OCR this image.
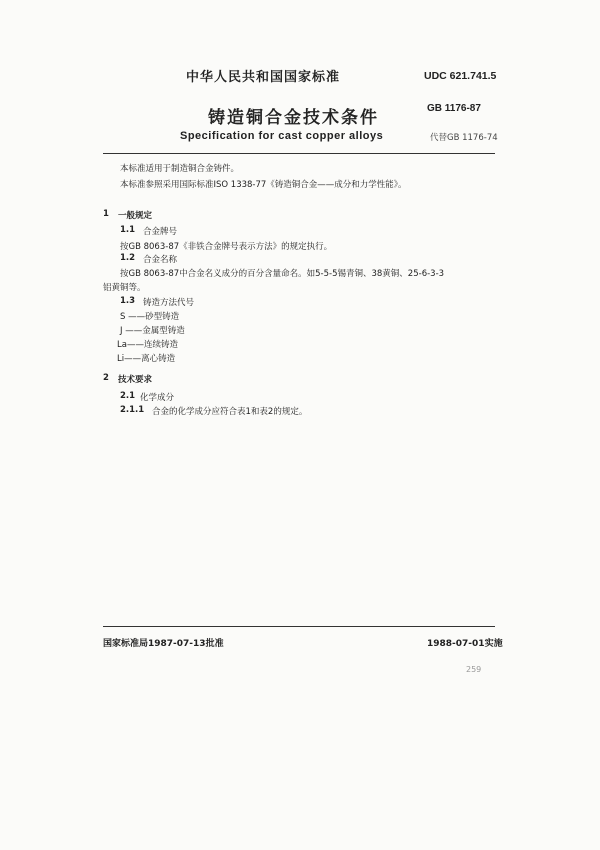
中华人民共和国国家标准	UDC 621.741.5
铸造铜合金技术条件	GB 1176-87
Specification for cast copper alloys	代替GB 1176-74
本标准适用于制造铜合金铸件。
本标准参照采用国际标准ISO 1338-77《铸造铜合金——成分和力学性能》。
1 一般规定
1.1 合金牌号
按GB 8063-87《非铁合金牌号表示方法》的规定执行。
1.2 合金名称
按GB 8063-87中合金名义成分的百分含量命名。如5-5-5锡青铜、38黄铜、25-6-3-3
铝黄铜等。
1.3 铸造方法代号
S ——砂型铸造
J ——金属型铸造
La——连续铸造
Li——离心铸造
2 技术要求
2.1 化学成分
2.1.1 合金的化学成分应符合表1和表2的规定。
国家标准局1987-07-13批准	1988-07-01实施
259
